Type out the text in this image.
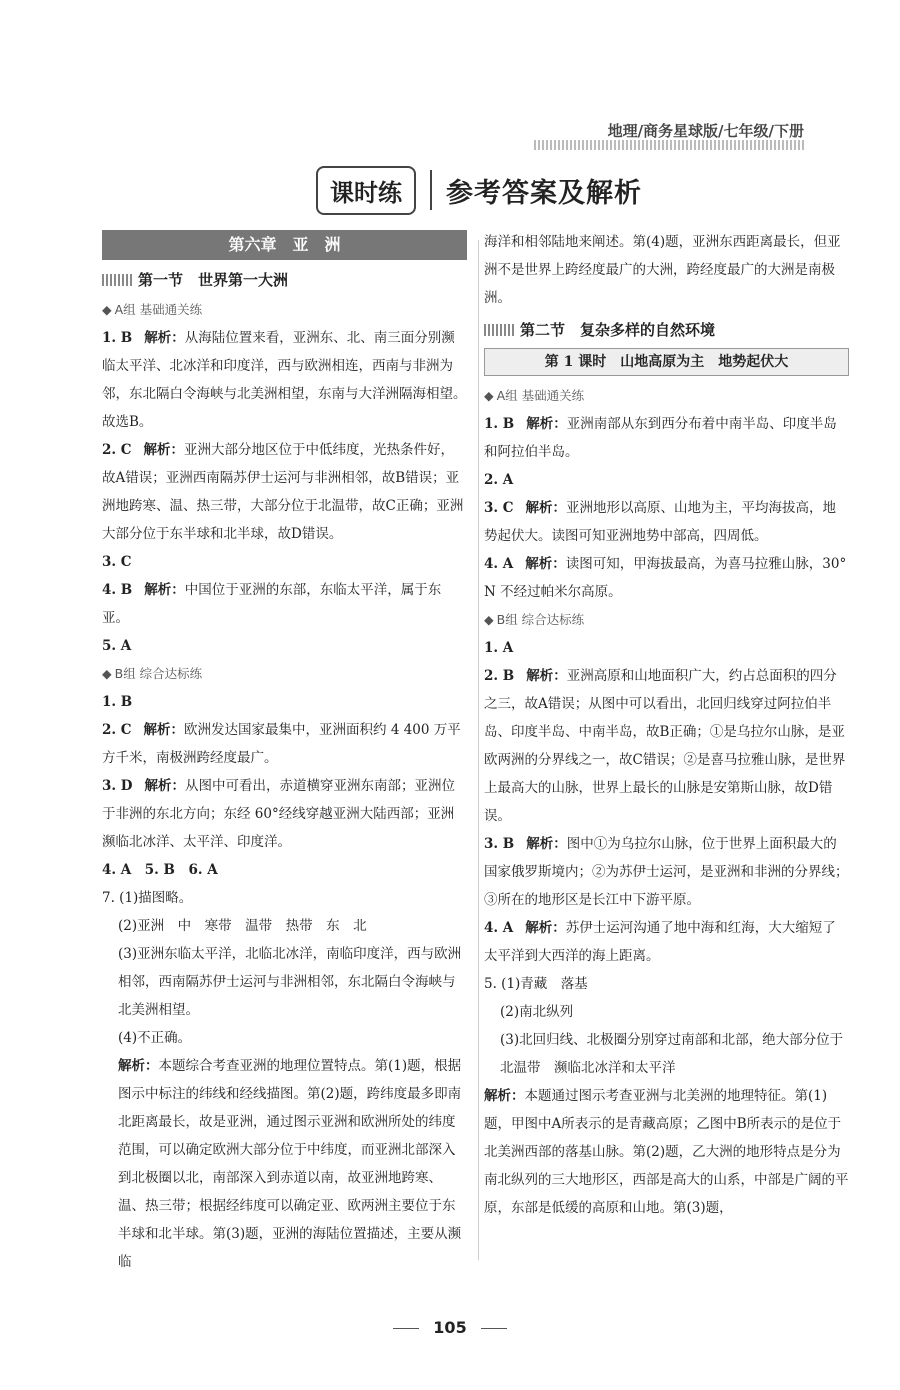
地理/商务星球版/七年级/下册
课时练	参考答案及解析
第六章　亚　洲
第一节　世界第一大洲
◆ A组 基础通关练
1. B 解析：从海陆位置来看，亚洲东、北、南三面分别濒临太平洋、北冰洋和印度洋，西与欧洲相连，西南与非洲为邻，东北隔白令海峡与北美洲相望，东南与大洋洲隔海相望。故选B。
2. C 解析：亚洲大部分地区位于中低纬度，光热条件好，故A错误；亚洲西南隔苏伊士运河与非洲相邻，故B错误；亚洲地跨寒、温、热三带，大部分位于北温带，故C正确；亚洲大部分位于东半球和北半球，故D错误。
3. C
4. B 解析：中国位于亚洲的东部，东临太平洋，属于东亚。
5. A
◆ B组 综合达标练
1. B
2. C 解析：欧洲发达国家最集中，亚洲面积约 4 400 万平方千米，南极洲跨经度最广。
3. D 解析：从图中可看出，赤道横穿亚洲东南部；亚洲位于非洲的东北方向；东经 60°经线穿越亚洲大陆西部；亚洲濒临北冰洋、太平洋、印度洋。
4. A　5. B　6. A
7. (1)描图略。
(2)亚洲　中　寒带　温带　热带　东　北
(3)亚洲东临太平洋，北临北冰洋，南临印度洋，西与欧洲相邻，西南隔苏伊士运河与非洲相邻，东北隔白令海峡与北美洲相望。
(4)不正确。
解析：本题综合考查亚洲的地理位置特点。第(1)题，根据图示中标注的纬线和经线描图。第(2)题，跨纬度最多即南北距离最长，故是亚洲，通过图示亚洲和欧洲所处的纬度范围，可以确定欧洲大部分位于中纬度，而亚洲北部深入到北极圈以北，南部深入到赤道以南，故亚洲地跨寒、温、热三带；根据经纬度可以确定亚、欧两洲主要位于东半球和北半球。第(3)题，亚洲的海陆位置描述，主要从濒临
海洋和相邻陆地来阐述。第(4)题，亚洲东西距离最长，但亚洲不是世界上跨经度最广的大洲，跨经度最广的大洲是南极洲。
第二节　复杂多样的自然环境
第 1 课时　山地高原为主　地势起伏大
◆ A组 基础通关练
1. B 解析：亚洲南部从东到西分布着中南半岛、印度半岛和阿拉伯半岛。
2. A
3. C 解析：亚洲地形以高原、山地为主，平均海拔高，地势起伏大。读图可知亚洲地势中部高，四周低。
4. A 解析：读图可知，甲海拔最高，为喜马拉雅山脉，30° N 不经过帕米尔高原。
◆ B组 综合达标练
1. A
2. B 解析：亚洲高原和山地面积广大，约占总面积的四分之三，故A错误；从图中可以看出，北回归线穿过阿拉伯半岛、印度半岛、中南半岛，故B正确；①是乌拉尔山脉，是亚欧两洲的分界线之一，故C错误；②是喜马拉雅山脉，是世界上最高大的山脉，世界上最长的山脉是安第斯山脉，故D错误。
3. B 解析：图中①为乌拉尔山脉，位于世界上面积最大的国家俄罗斯境内；②为苏伊士运河，是亚洲和非洲的分界线；③所在的地形区是长江中下游平原。
4. A 解析：苏伊士运河沟通了地中海和红海，大大缩短了太平洋到大西洋的海上距离。
5. (1)青藏　落基
(2)南北纵列
(3)北回归线、北极圈分别穿过南部和北部，绝大部分位于北温带　濒临北冰洋和太平洋
解析：本题通过图示考查亚洲与北美洲的地理特征。第(1)题，甲图中A所表示的是青藏高原；乙图中B所表示的是位于北美洲西部的落基山脉。第(2)题，乙大洲的地形特点是分为南北纵列的三大地形区，西部是高大的山系，中部是广阔的平原，东部是低缓的高原和山地。第(3)题，
105
